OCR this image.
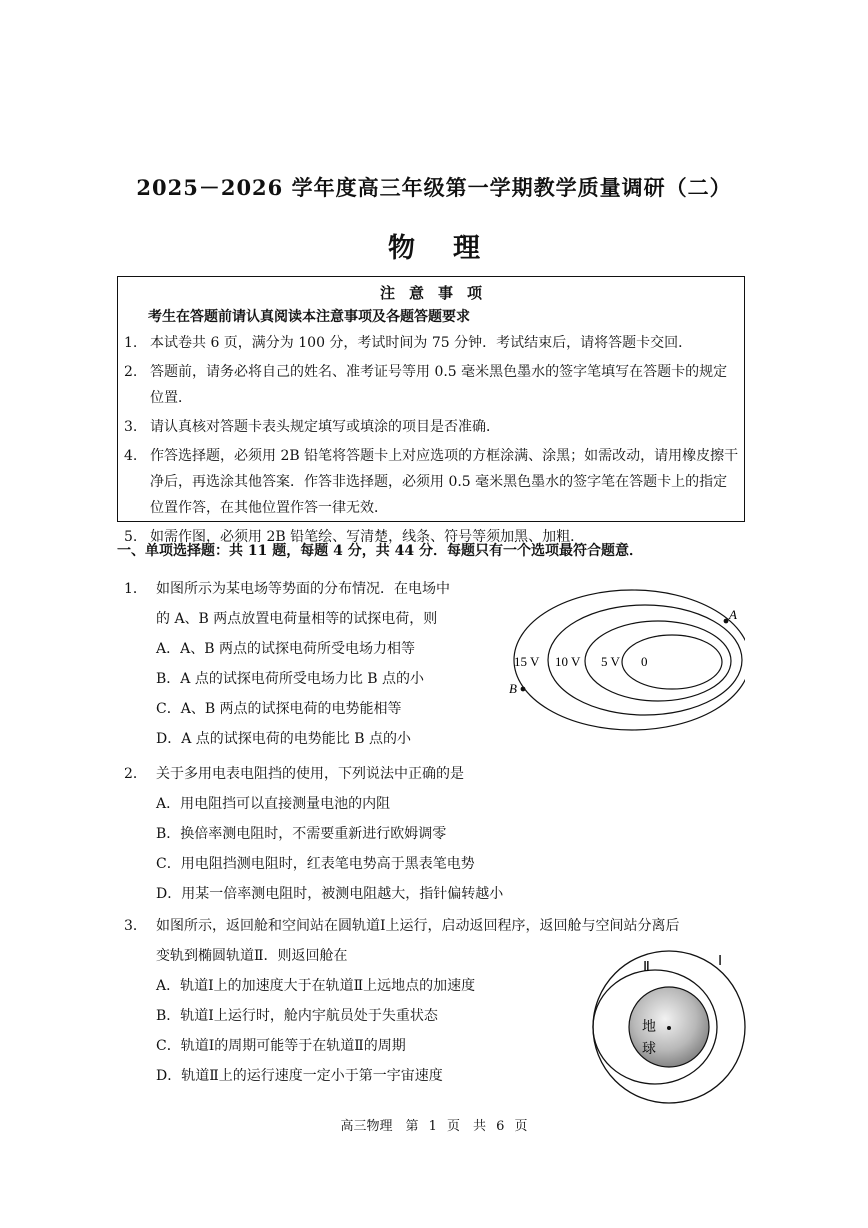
2025－2026 学年度高三年级第一学期教学质量调研（二）
物理
注意事项
考生在答题前请认真阅读本注意事项及各题答题要求
1. 本试卷共 6 页，满分为 100 分，考试时间为 75 分钟．考试结束后，请将答题卡交回．
2. 答题前，请务必将自己的姓名、准考证号等用 0.5 毫米黑色墨水的签字笔填写在答题卡的规定位置．
3. 请认真核对答题卡表头规定填写或填涂的项目是否准确．
4. 作答选择题，必须用 2B 铅笔将答题卡上对应选项的方框涂满、涂黑；如需改动，请用橡皮擦干净后，再选涂其他答案．作答非选择题，必须用 0.5 毫米黑色墨水的签字笔在答题卡上的指定位置作答，在其他位置作答一律无效．
5. 如需作图，必须用 2B 铅笔绘、写清楚，线条、符号等须加黑、加粗．
一、单项选择题：共 11 题，每题 4 分，共 44 分．每题只有一个选项最符合题意．
1． 如图所示为某电场等势面的分布情况．在电场中
的 A、B 两点放置电荷量相等的试探电荷，则
A．A、B 两点的试探电荷所受电场力相等
B．A 点的试探电荷所受电场力比 B 点的小
C．A、B 两点的试探电荷的电势能相等
D．A 点的试探电荷的电势能比 B 点的小
15 V 10 V 5 V 0
A
B
2． 关于多用电表电阻挡的使用，下列说法中正确的是
A．用电阻挡可以直接测量电池的内阻
B．换倍率测电阻时，不需要重新进行欧姆调零
C．用电阻挡测电阻时，红表笔电势高于黑表笔电势
D．用某一倍率测电阻时，被测电阻越大，指针偏转越小
3． 如图所示，返回舱和空间站在圆轨道Ⅰ上运行，启动返回程序，返回舱与空间站分离后
变轨到椭圆轨道Ⅱ．则返回舱在
A．轨道Ⅰ上的加速度大于在轨道Ⅱ上远地点的加速度
B．轨道Ⅰ上运行时，舱内宇航员处于失重状态
C．轨道Ⅰ的周期可能等于在轨道Ⅱ的周期
D．轨道Ⅱ上的运行速度一定小于第一宇宙速度
Ⅰ
Ⅱ
地
球
高三物理　第 1 页　共 6 页
